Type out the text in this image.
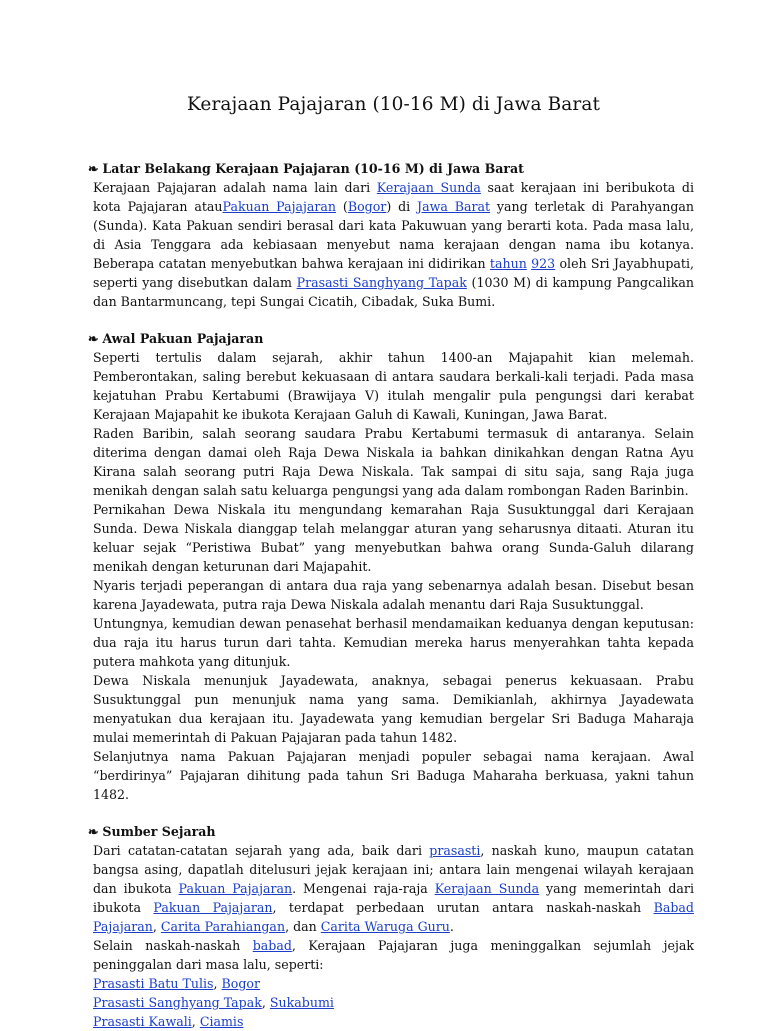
Kerajaan Pajajaran (10-16 M) di Jawa Barat
❧ Latar Belakang Kerajaan Pajajaran (10-16 M) di Jawa Barat

Kerajaan Pajajaran adalah nama lain dari Kerajaan Sunda saat kerajaan ini beribukota di kota Pajajaran atauPakuan Pajajaran (Bogor) di Jawa Barat yang terletak di Parahyangan (Sunda). Kata Pakuan sendiri berasal dari kata Pakuwuan yang berarti kota. Pada masa lalu, di Asia Tenggara ada kebiasaan menyebut nama kerajaan dengan nama ibu kotanya. Beberapa catatan menyebutkan bahwa kerajaan ini didirikan tahun 923 oleh Sri Jayabhupati, seperti yang disebutkan dalam Prasasti Sanghyang Tapak (1030 M) di kampung Pangcalikan dan Bantarmuncang, tepi Sungai Cicatih, Cibadak, Suka Bumi.

❧ Awal Pakuan Pajajaran

Seperti tertulis dalam sejarah, akhir tahun 1400-an Majapahit kian melemah. Pemberontakan, saling berebut kekuasaan di antara saudara berkali-kali terjadi. Pada masa kejatuhan Prabu Kertabumi (Brawijaya V) itulah mengalir pula pengungsi dari kerabat Kerajaan Majapahit ke ibukota Kerajaan Galuh di Kawali, Kuningan, Jawa Barat.

Raden Baribin, salah seorang saudara Prabu Kertabumi termasuk di antaranya. Selain diterima dengan damai oleh Raja Dewa Niskala ia bahkan dinikahkan dengan Ratna Ayu Kirana salah seorang putri Raja Dewa Niskala. Tak sampai di situ saja, sang Raja juga menikah dengan salah satu keluarga pengungsi yang ada dalam rombongan Raden Barinbin.

Pernikahan Dewa Niskala itu mengundang kemarahan Raja Susuktunggal dari Kerajaan Sunda. Dewa Niskala dianggap telah melanggar aturan yang seharusnya ditaati. Aturan itu keluar sejak “Peristiwa Bubat” yang menyebutkan bahwa orang Sunda-Galuh dilarang menikah dengan keturunan dari Majapahit.

Nyaris terjadi peperangan di antara dua raja yang sebenarnya adalah besan. Disebut besan karena Jayadewata, putra raja Dewa Niskala adalah menantu dari Raja Susuktunggal.

Untungnya, kemudian dewan penasehat berhasil mendamaikan keduanya dengan keputusan: dua raja itu harus turun dari tahta. Kemudian mereka harus menyerahkan tahta kepada putera mahkota yang ditunjuk.

Dewa Niskala menunjuk Jayadewata, anaknya, sebagai penerus kekuasaan. Prabu Susuktunggal pun menunjuk nama yang sama. Demikianlah, akhirnya Jayadewata menyatukan dua kerajaan itu. Jayadewata yang kemudian bergelar Sri Baduga Maharaja mulai memerintah di Pakuan Pajajaran pada tahun 1482.

Selanjutnya nama Pakuan Pajajaran menjadi populer sebagai nama kerajaan. Awal “berdirinya” Pajajaran dihitung pada tahun Sri Baduga Maharaha berkuasa, yakni tahun 1482.

❧ Sumber Sejarah

Dari catatan-catatan sejarah yang ada, baik dari prasasti, naskah kuno, maupun catatan bangsa asing, dapatlah ditelusuri jejak kerajaan ini; antara lain mengenai wilayah kerajaan dan ibukota Pakuan Pajajaran. Mengenai raja-raja Kerajaan Sunda yang memerintah dari ibukota Pakuan Pajajaran, terdapat perbedaan urutan antara naskah-naskah Babad Pajajaran, Carita Parahiangan, dan Carita Waruga Guru.

Selain naskah-naskah babad, Kerajaan Pajajaran juga meninggalkan sejumlah jejak peninggalan dari masa lalu, seperti:

Prasasti Batu Tulis, Bogor
Prasasti Sanghyang Tapak, Sukabumi
Prasasti Kawali, Ciamis
